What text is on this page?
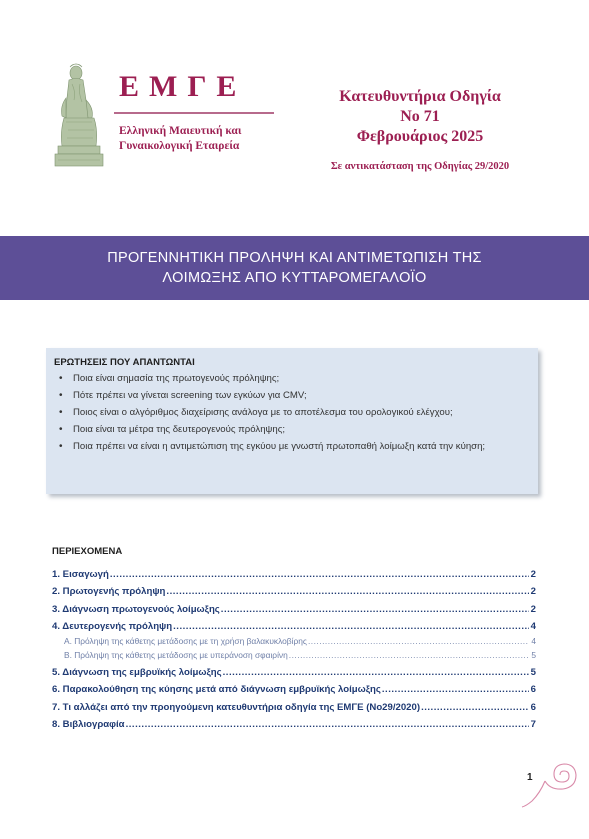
ΕΜΓΕ
Ελληνική Μαιευτική και
Γυναικολογική Εταιρεία
Κατευθυντήρια Οδηγία
Νο 71
Φεβρουάριος 2025
Σε αντικατάσταση της Οδηγίας 29/2020
ΠΡΟΓΕΝΝΗΤΙΚΗ ΠΡΟΛΗΨΗ ΚΑΙ ΑΝΤΙΜΕΤΩΠΙΣΗ ΤΗΣ
ΛΟΙΜΩΞΗΣ ΑΠΟ ΚΥΤΤΑΡΟΜΕΓΑΛΟΪΟ
ΕΡΩΤΗΣΕΙΣ ΠΟΥ ΑΠΑΝΤΩΝΤΑΙ
• Ποια είναι σημασία της πρωτογενούς πρόληψης;
• Πότε πρέπει να γίνεται screening των εγκύων για CMV;
• Ποιος είναι ο αλγόριθμος διαχείρισης ανάλογα με το αποτέλεσμα του ορολογικού ελέγχου;
• Ποια είναι τα μέτρα της δευτερογενούς πρόληψης;
• Ποια πρέπει να είναι η αντιμετώπιση της εγκύου με γνωστή πρωτοπαθή λοίμωξη κατά την κύηση;
ΠΕΡΙΕΧΟΜΕΝΑ
1. Εισαγωγή .....	2
2. Πρωτογενής πρόληψη .....	2
3. Διάγνωση πρωτογενούς λοίμωξης .....	2
4. Δευτερογενής πρόληψη .....	4
Α. Πρόληψη της κάθετης μετάδοσης με τη χρήση βαλακυκλοβίρης .....	4
Β. Πρόληψη της κάθετης μετάδοσης με υπεράνοση σφαιρίνη .....	5
5. Διάγνωση της εμβρυϊκής λοίμωξης .....	5
6. Παρακολούθηση της κύησης μετά από διάγνωση εμβρυϊκής λοίμωξης .....	6
7. Τι αλλάζει από την προηγούμενη κατευθυντήρια οδηγία της ΕΜΓΕ (Νο29/2020) .....	6
8. Βιβλιογραφία .....	7
1
